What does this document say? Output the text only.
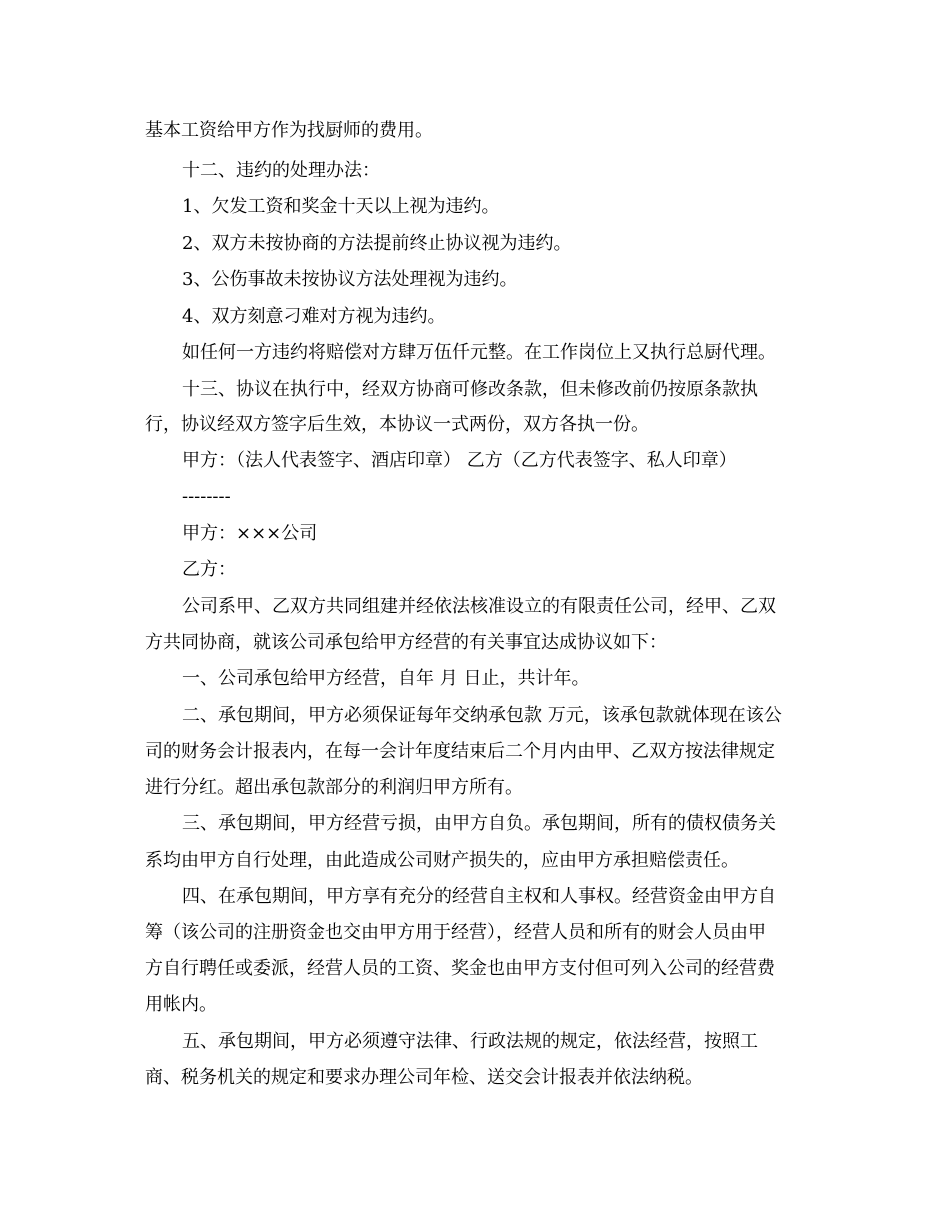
基本工资给甲方作为找厨师的费用。
十二、违约的处理办法：
1、欠发工资和奖金十天以上视为违约。
2、双方未按协商的方法提前终止协议视为违约。
3、公伤事故未按协议方法处理视为违约。
4、双方刻意刁难对方视为违约。
如任何一方违约将赔偿对方肆万伍仟元整。在工作岗位上又执行总厨代理。
十三、协议在执行中，经双方协商可修改条款，但未修改前仍按原条款执
行，协议经双方签字后生效，本协议一式两份，双方各执一份。
甲方：（法人代表签字、酒店印章） 乙方（乙方代表签字、私人印章）
--------
甲方：×××公司
乙方：
公司系甲、乙双方共同组建并经依法核准设立的有限责任公司，经甲、乙双
方共同协商，就该公司承包给甲方经营的有关事宜达成协议如下：
一、公司承包给甲方经营，自年 月 日止，共计年。
二、承包期间，甲方必须保证每年交纳承包款 万元，该承包款就体现在该公
司的财务会计报表内，在每一会计年度结束后二个月内由甲、乙双方按法律规定
进行分红。超出承包款部分的利润归甲方所有。
三、承包期间，甲方经营亏损，由甲方自负。承包期间，所有的债权债务关
系均由甲方自行处理，由此造成公司财产损失的，应由甲方承担赔偿责任。
四、在承包期间，甲方享有充分的经营自主权和人事权。经营资金由甲方自
筹（该公司的注册资金也交由甲方用于经营），经营人员和所有的财会人员由甲
方自行聘任或委派，经营人员的工资、奖金也由甲方支付但可列入公司的经营费
用帐内。
五、承包期间，甲方必须遵守法律、行政法规的规定，依法经营，按照工
商、税务机关的规定和要求办理公司年检、送交会计报表并依法纳税。
